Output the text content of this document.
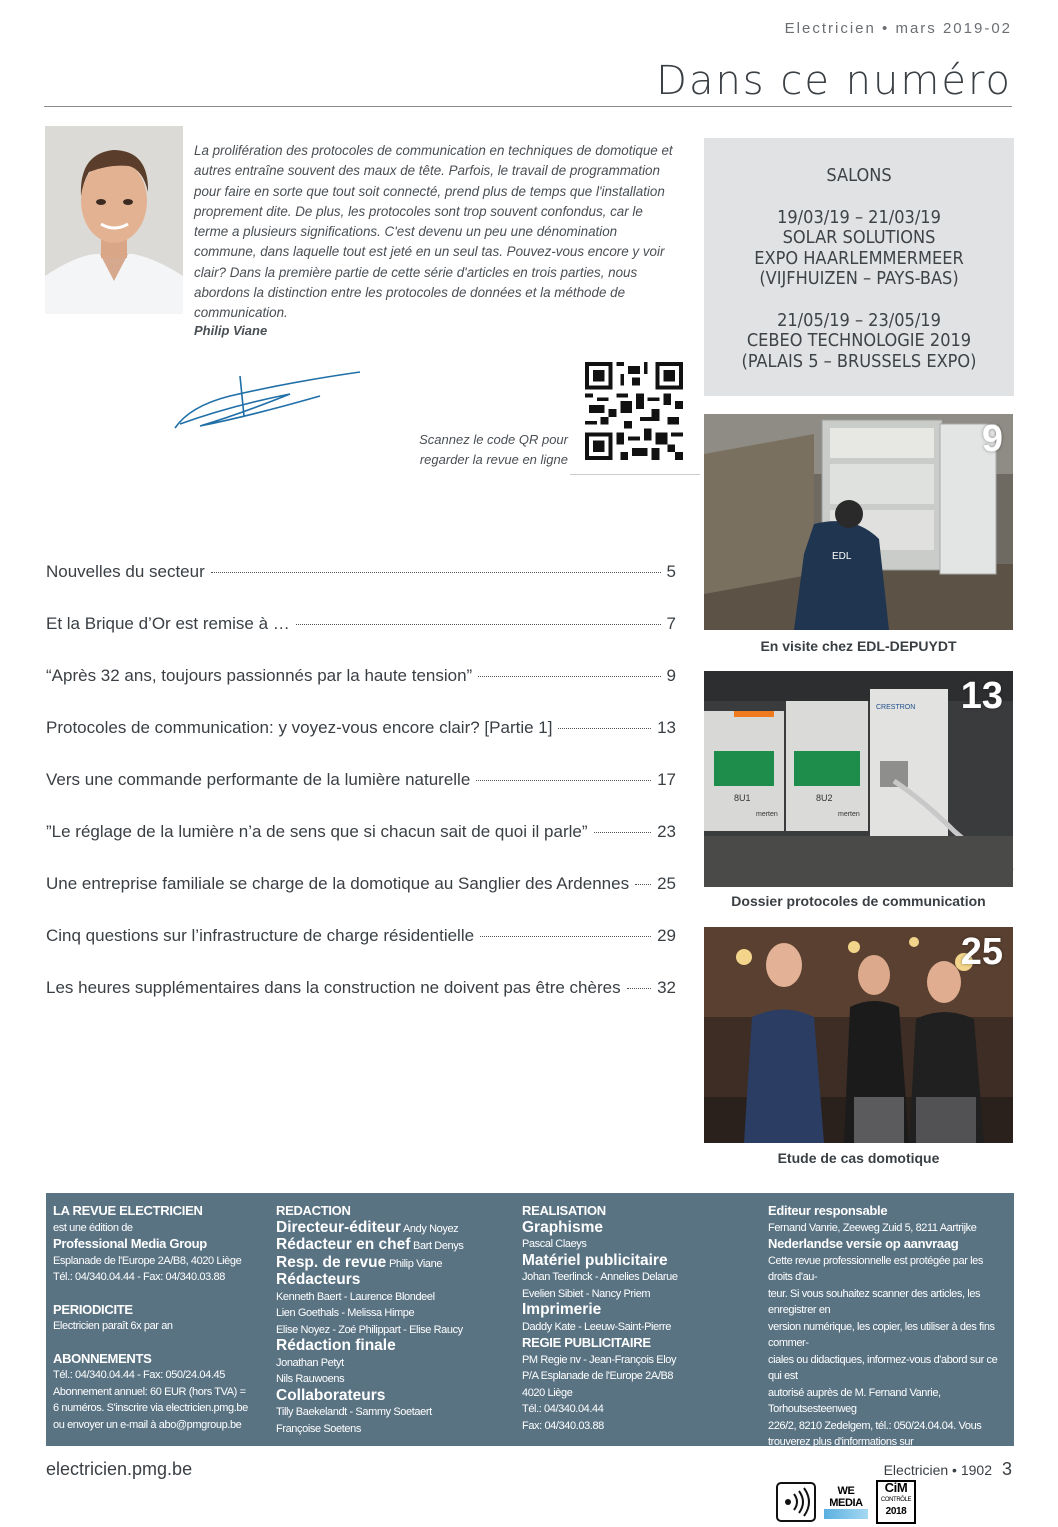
Electricien • mars 2019-02
Dans ce numéro
La prolifération des protocoles de communication en techniques de domotique et autres entraîne souvent des maux de tête. Parfois, le travail de programmation pour faire en sorte que tout soit connecté, prend plus de temps que l'installation proprement dite. De plus, les protocoles sont trop souvent confondus, car le terme a plusieurs significations. C'est devenu un peu une dénomination commune, dans laquelle tout est jeté en un seul tas. Pouvez-vous encore y voir clair? Dans la première partie de cette série d'articles en trois parties, nous abordons la distinction entre les protocoles de données et la méthode de communication.
Philip Viane
Scannez le code QR pour
regarder la revue en ligne

SALONS

19/03/19 – 21/03/19

SOLAR SOLUTIONS

EXPO HAARLEMMERMEER

(VIJFHUIZEN – PAYS-BAS)

21/05/19 – 23/05/19

CEBEO TECHNOLOGIE 2019

(PALAIS 5 – BRUSSELS EXPO)

Nouvelles du secteur	5
Et la Brique d’Or est remise à …	7
“Après 32 ans, toujours passionnés par la haute tension”	9
Protocoles de communication: y voyez-vous encore clair? [Partie 1]	13
Vers une commande performante de la lumière naturelle	17
”Le réglage de la lumière n’a de sens que si chacun sait de quoi il parle”	23
Une entreprise familiale se charge de la domotique au Sanglier des Ardennes 25
Cinq questions sur l’infrastructure de charge résidentielle	29
Les heures supplémentaires dans la construction ne doivent pas être chères 32
EDL
9
En visite chez EDL-DEPUYDT
8U1	8U2
merten	merten
CRESTRON 13
Dossier protocoles de communication
25
Etude de cas domotique
LA REVUE ELECTRICIEN
est une édition de
Professional Media Group
Esplanade de l'Europe 2A/B8, 4020 Liège
Tél.: 04/340.04.44 - Fax: 04/340.03.88
PERIODICITE
Electricien paraît 6x par an
ABONNEMENTS
Tél.: 04/340.04.44 - Fax: 050/24.04.45
Abonnement annuel: 60 EUR (hors TVA) =
6 numéros. S'inscrire via electricien.pmg.be
ou envoyer un e-mail à abo@pmgroup.be
REDACTION
Directeur-éditeur Andy Noyez
Rédacteur en chef Bart Denys
Resp. de revue Philip Viane
Rédacteurs
Kenneth Baert - Laurence Blondeel
Lien Goethals - Melissa Himpe
Elise Noyez - Zoé Philippart - Elise Raucy
Rédaction finale
Jonathan Petyt
Nils Rauwoens
Collaborateurs
Tilly Baekelandt - Sammy Soetaert
Françoise Soetens
REALISATION
Graphisme
Pascal Claeys
Matériel publicitaire
Johan Teerlinck - Annelies Delarue
Evelien Sibiet - Nancy Priem
Imprimerie
Daddy Kate - Leeuw-Saint-Pierre
REGIE PUBLICITAIRE
PM Regie nv - Jean-François Eloy
P/A Esplanade de l'Europe 2A/B8
4020 Liège
Tél.: 04/340.04.44
Fax: 04/340.03.88
Editeur responsable
Fernand Vanrie, Zeeweg Zuid 5, 8211 Aartrijke
Nederlandse versie op aanvraag
Cette revue professionnelle est protégée par les droits d'au-
teur. Si vous souhaitez scanner des articles, les enregistrer en
version numérique, les copier, les utiliser à des fins commer-
ciales ou didactiques, informez-vous d'abord sur ce qui est
autorisé auprès de M. Fernand Vanrie, Torhoutsesteenweg
226/2, 8210 Zedelgem, tél.: 050/24.04.04. Vous
trouverez plus d'informations sur www.presscopyrights.be
WE
MEDIA
CiM
CONTRÔLE
2018
electricien.pmg.be	Electricien • 1902 3
